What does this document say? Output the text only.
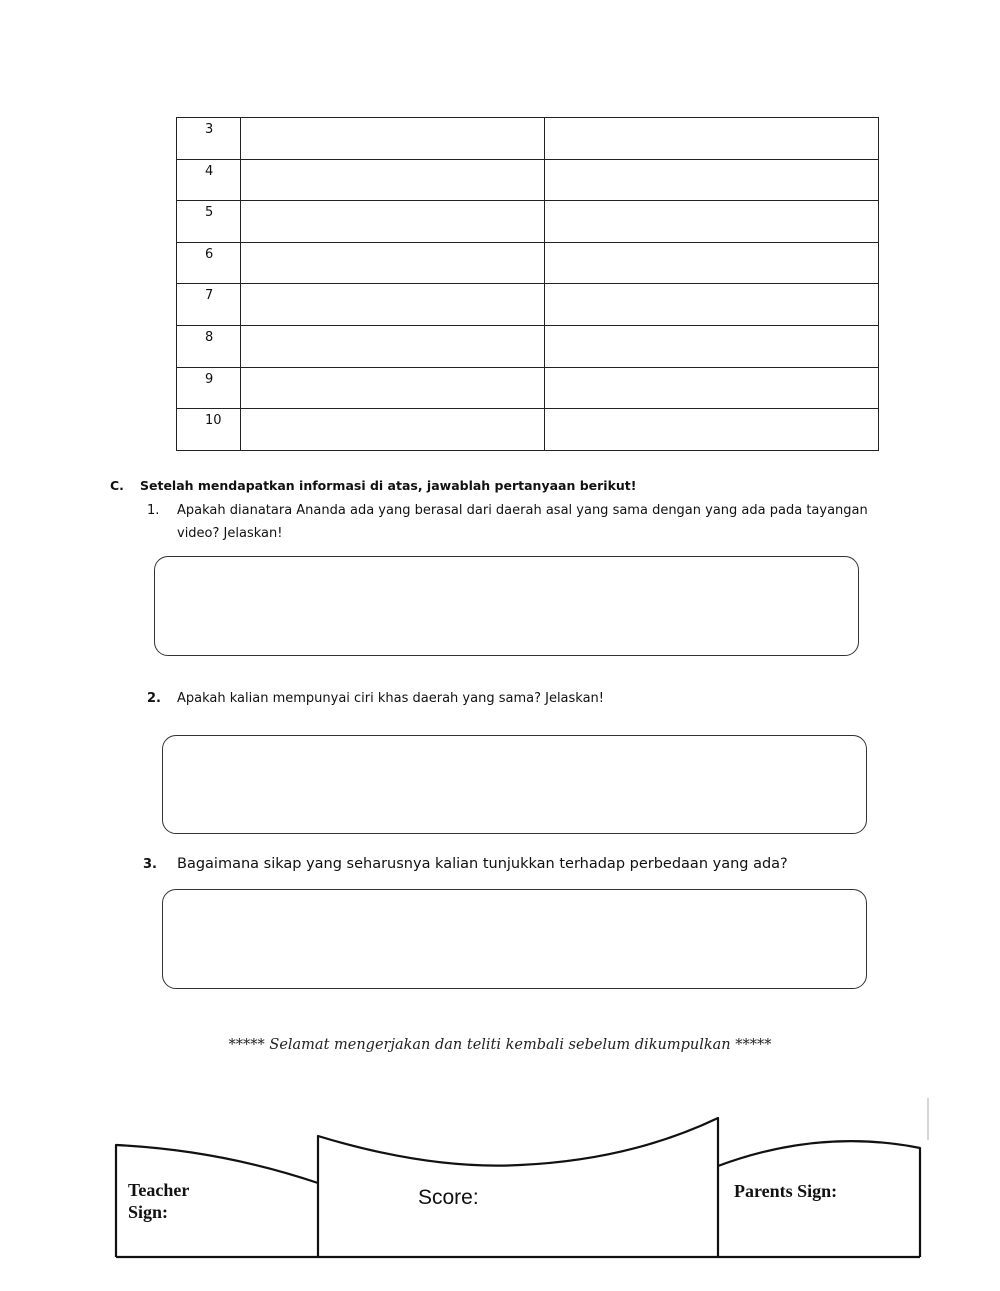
3		
4		
5		
6		
7		
8		
9		
10		
C. Setelah mendapatkan informasi di atas, jawablah pertanyaan berikut!
1. Apakah dianatara Ananda ada yang berasal dari daerah asal yang sama dengan yang ada pada tayangan
video? Jelaskan!
2. Apakah kalian mempunyai ciri khas daerah yang sama? Jelaskan!
3. Bagaimana sikap yang seharusnya kalian tunjukkan terhadap perbedaan yang ada?
***** Selamat mengerjakan dan teliti kembali sebelum dikumpulkan *****
Teacher
Sign:
Score:	Parents Sign:
